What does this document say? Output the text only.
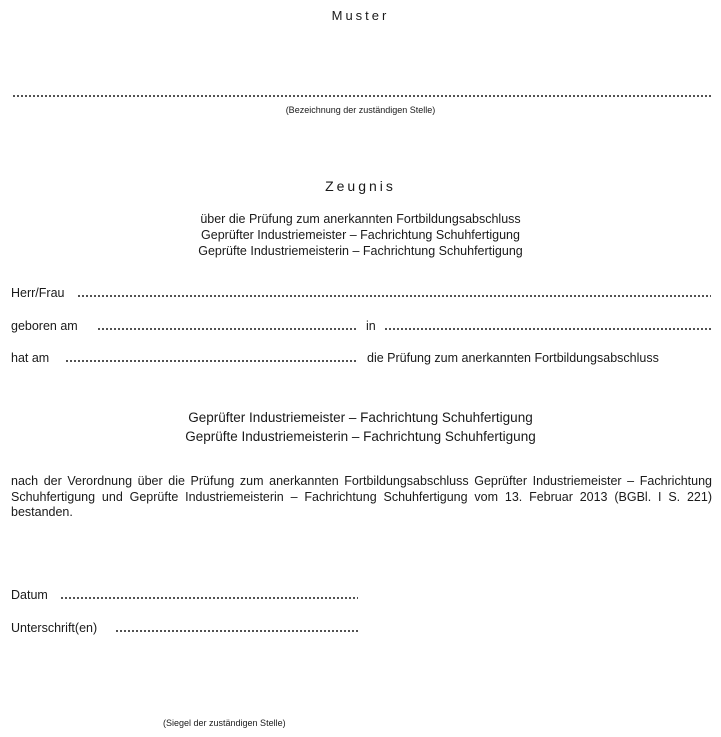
Muster
(Bezeichnung der zuständigen Stelle)
Zeugnis
über die Prüfung zum anerkannten Fortbildungsabschluss
Geprüfter Industriemeister – Fachrichtung Schuhfertigung
Geprüfte Industriemeisterin – Fachrichtung Schuhfertigung
Herr/Frau
geboren am	in
hat am	die Prüfung zum anerkannten Fortbildungsabschluss
Geprüfter Industriemeister – Fachrichtung Schuhfertigung
Geprüfte Industriemeisterin – Fachrichtung Schuhfertigung
nach der Verordnung über die Prüfung zum anerkannten Fortbildungsabschluss Geprüfter Industriemeister – Fachrichtung Schuhfertigung und Geprüfte Industriemeisterin – Fachrichtung Schuhfertigung vom 13. Februar 2013 (BGBl. I S. 221) bestanden.
Datum
Unterschrift(en)
(Siegel der zuständigen Stelle)
